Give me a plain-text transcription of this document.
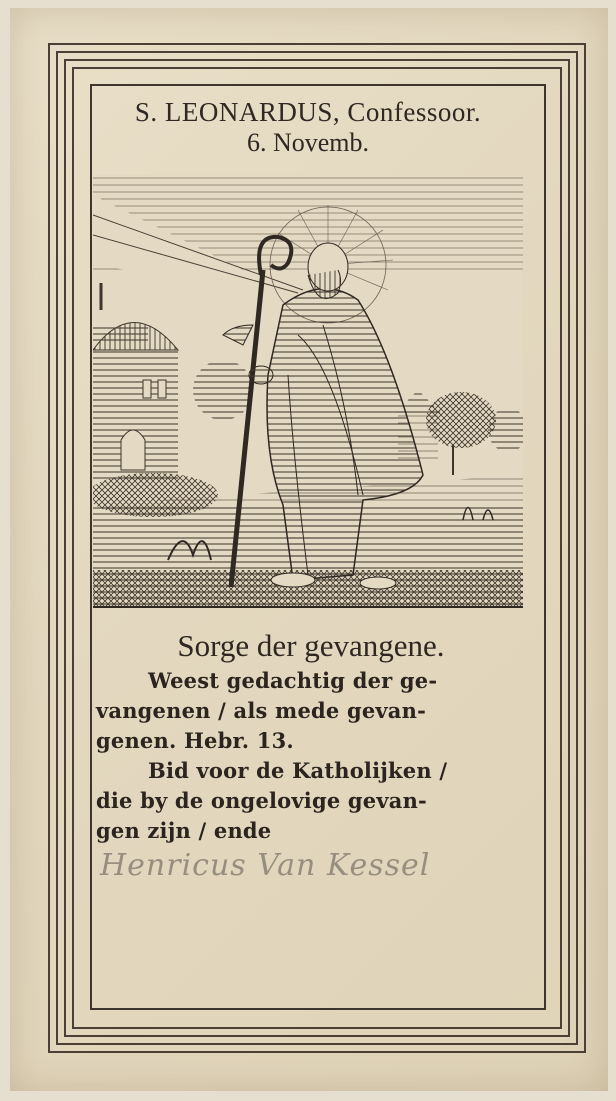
S. LEONARDUS, Confessoor.
6. Novemb.
Sorge der gevangene.
Weest gedachtig der ge-
vangenen / als mede gevan-
genen. Hebr. 13.
Bid voor de Katholijken /
die by de ongelovige gevan-
gen zijn / ende
Henricus Van Kessel
